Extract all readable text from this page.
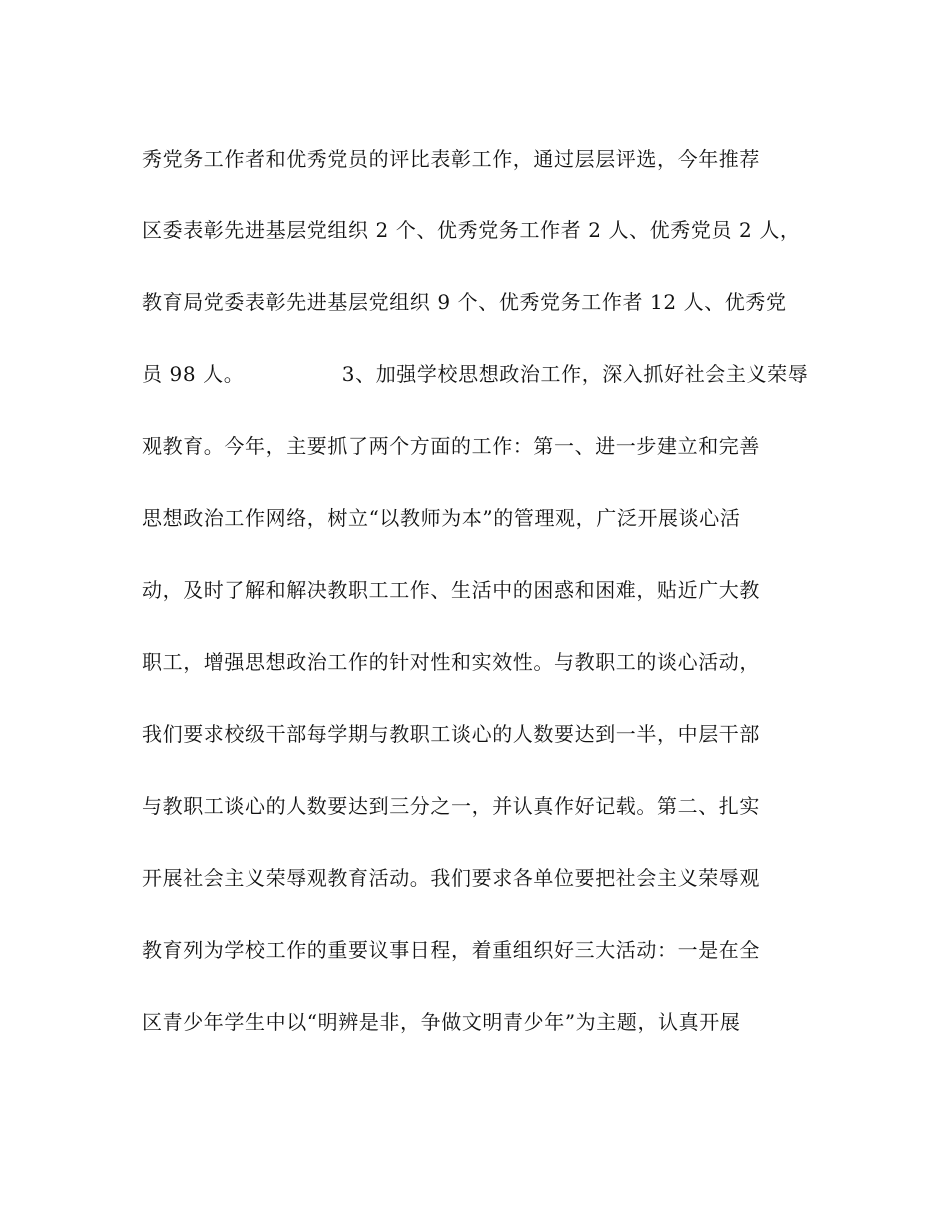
秀党务工作者和优秀党员的评比表彰工作，通过层层评选，今年推荐
区委表彰先进基层党组织 2 个、优秀党务工作者 2 人、优秀党员 2 人，
教育局党委表彰先进基层党组织 9 个、优秀党务工作者 12 人、优秀党
员 98 人。              3、加强学校思想政治工作，深入抓好社会主义荣辱
观教育。今年，主要抓了两个方面的工作：第一、进一步建立和完善
思想政治工作网络，树立“以教师为本”的管理观，广泛开展谈心活
动，及时了解和解决教职工工作、生活中的困惑和困难，贴近广大教
职工，增强思想政治工作的针对性和实效性。与教职工的谈心活动，
我们要求校级干部每学期与教职工谈心的人数要达到一半，中层干部
与教职工谈心的人数要达到三分之一，并认真作好记载。第二、扎实
开展社会主义荣辱观教育活动。我们要求各单位要把社会主义荣辱观
教育列为学校工作的重要议事日程，着重组织好三大活动：一是在全
区青少年学生中以“明辨是非，争做文明青少年”为主题，认真开展
